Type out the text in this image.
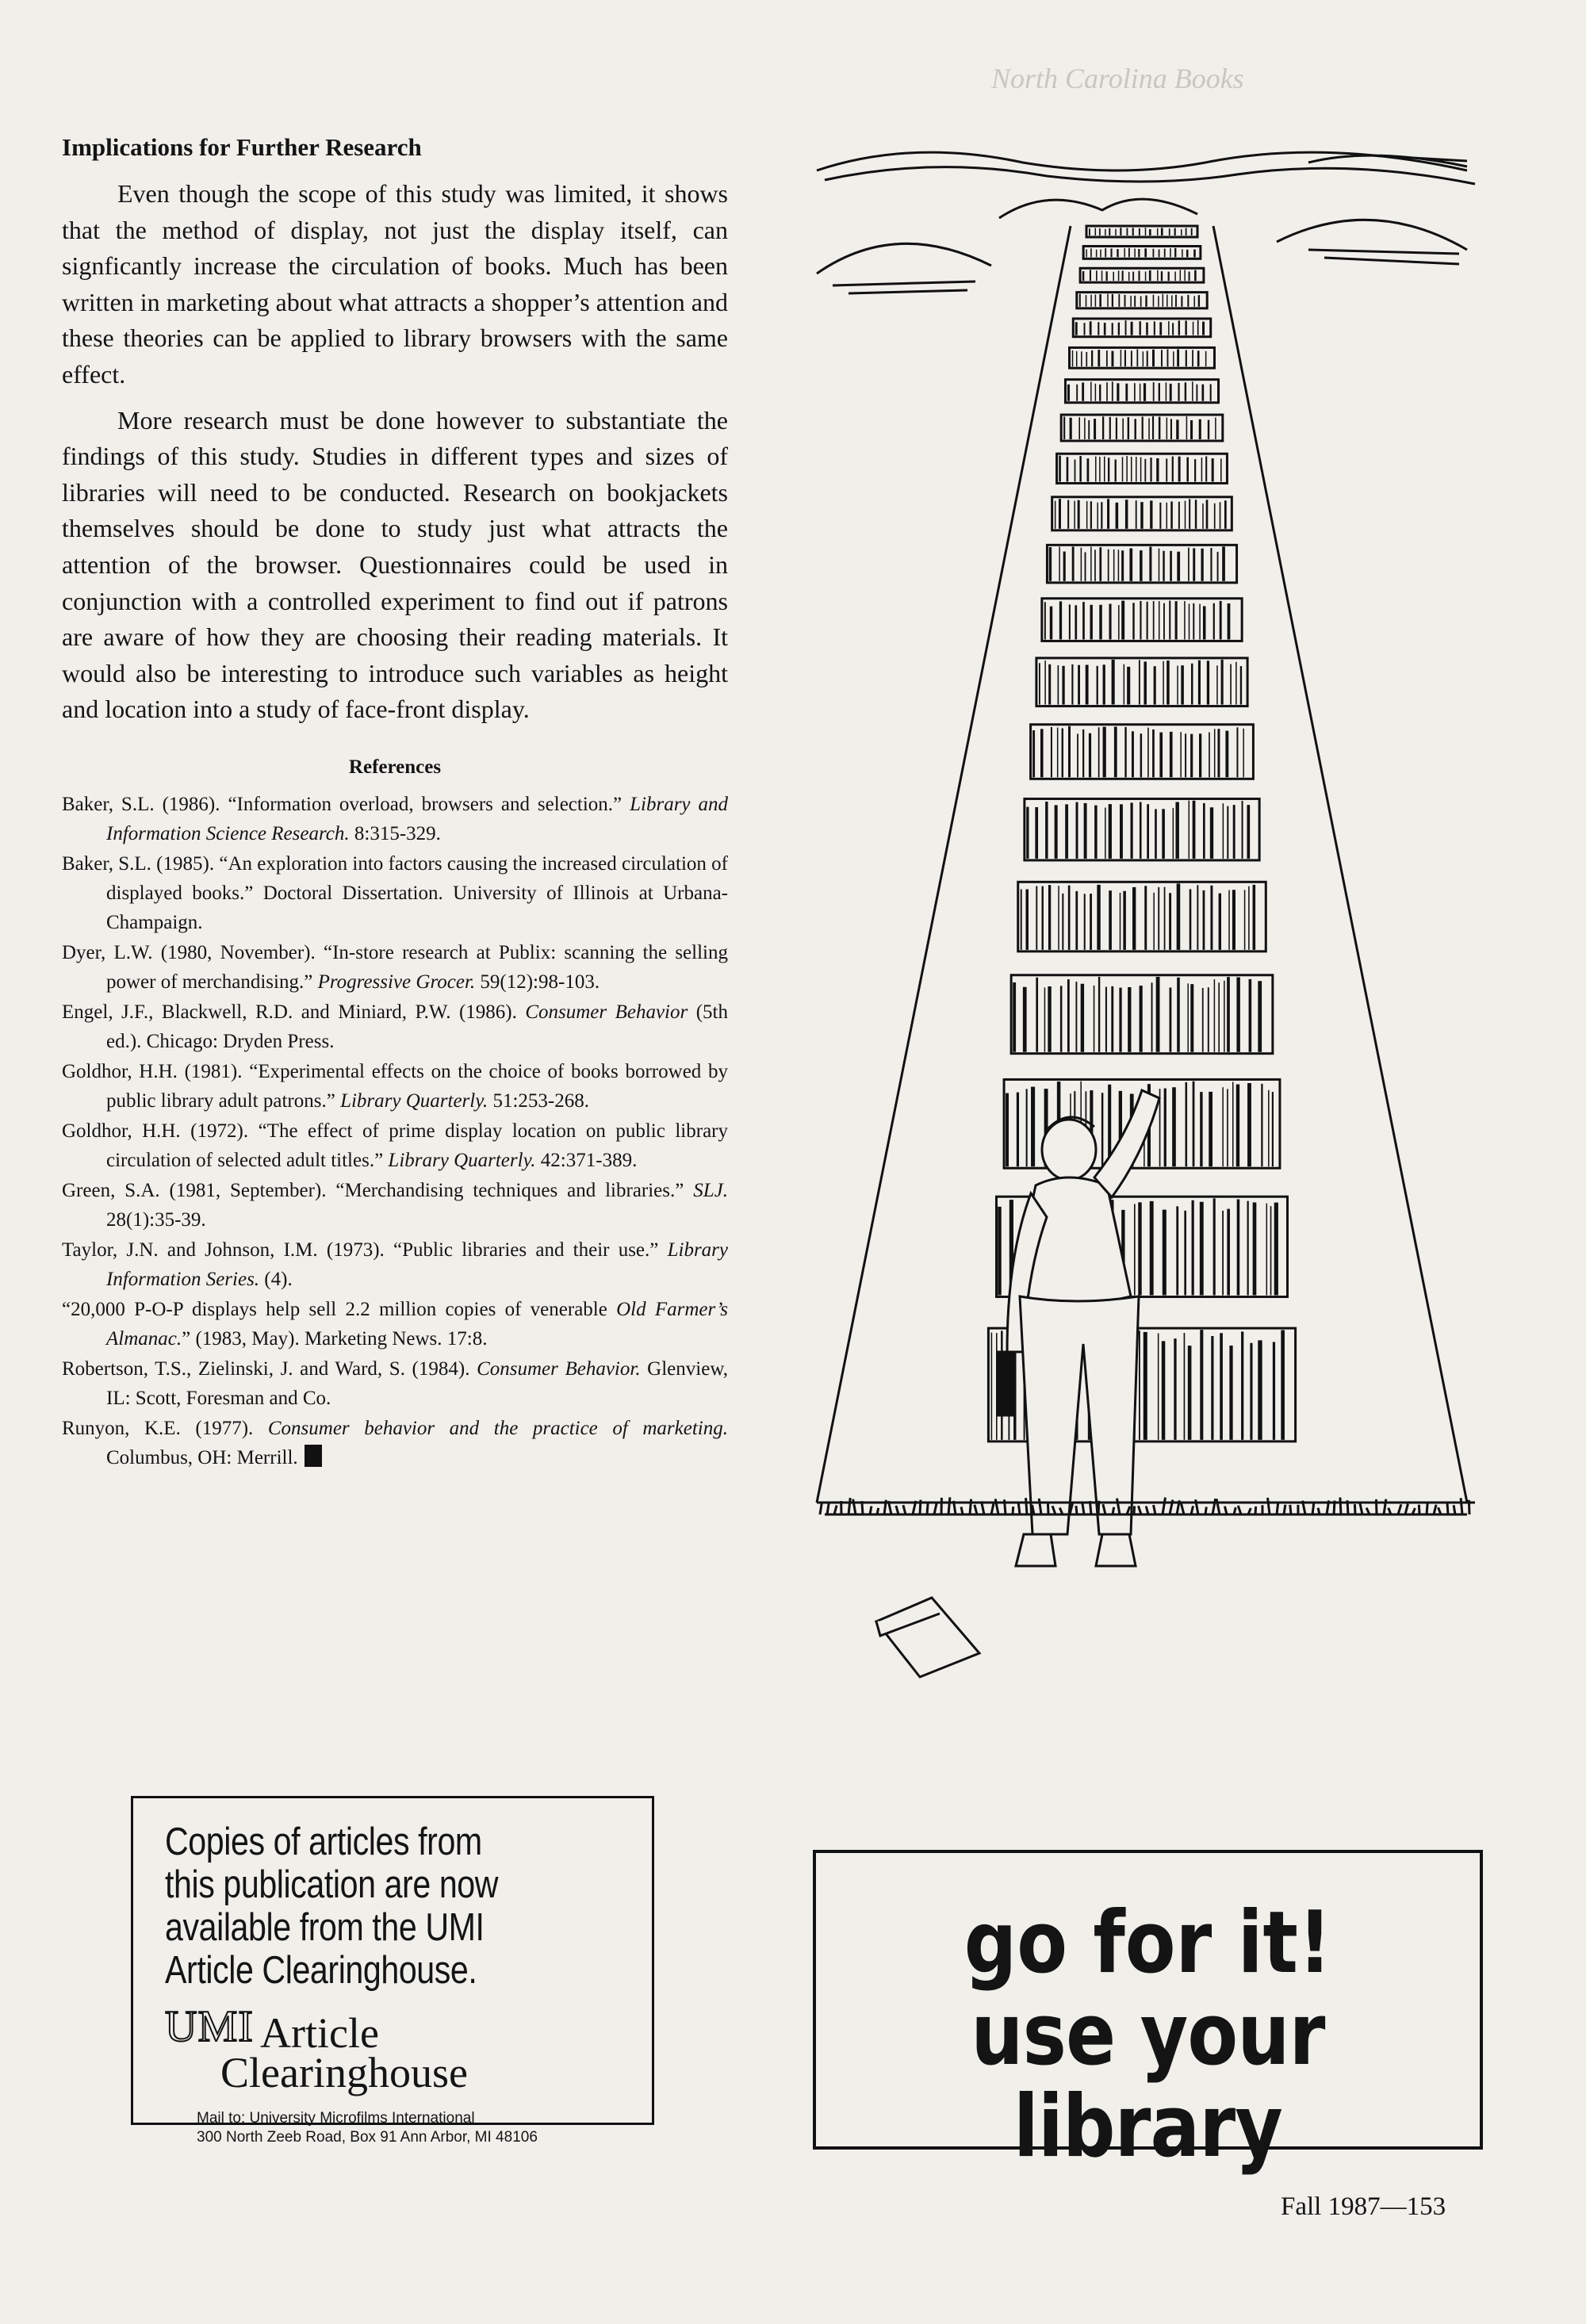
North Carolina Books
Implications for Further Research

Even though the scope of this study was limited, it shows that the method of display, not just the display itself, can signficantly increase the circulation of books. Much has been written in marketing about what attracts a shopper’s attention and these theories can be applied to library browsers with the same effect.

More research must be done however to substantiate the findings of this study. Studies in different types and sizes of libraries will need to be conducted. Research on bookjackets themselves should be done to study just what attracts the attention of the browser. Questionnaires could be used in conjunction with a controlled experiment to find out if patrons are aware of how they are choosing their reading materials. It would also be interesting to introduce such variables as height and location into a study of face-front display.

References
Baker, S.L. (1986). “Information overload, browsers and selection.” Library and Information Science Research. 8:315-329.
Baker, S.L. (1985). “An exploration into factors causing the increased circulation of displayed books.” Doctoral Dissertation. University of Illinois at Urbana-Champaign.
Dyer, L.W. (1980, November). “In-store research at Publix: scanning the selling power of merchandising.” Progressive Grocer. 59(12):98-103.
Engel, J.F., Blackwell, R.D. and Miniard, P.W. (1986). Consumer Behavior (5th ed.). Chicago: Dryden Press.
Goldhor, H.H. (1981). “Experimental effects on the choice of books borrowed by public library adult patrons.” Library Quarterly. 51:253-268.
Goldhor, H.H. (1972). “The effect of prime display location on public library circulation of selected adult titles.” Library Quarterly. 42:371-389.
Green, S.A. (1981, September). “Merchandising techniques and libraries.” SLJ. 28(1):35-39.
Taylor, J.N. and Johnson, I.M. (1973). “Public libraries and their use.” Library Information Series. (4).
“20,000 P-O-P displays help sell 2.2 million copies of venerable Old Farmer’s Almanac.” (1983, May). Marketing News. 17:8.
Robertson, T.S., Zielinski, J. and Ward, S. (1984). Consumer Behavior. Glenview, IL: Scott, Foresman and Co.
Runyon, K.E. (1977). Consumer behavior and the practice of marketing. Columbus, OH: Merrill.
Copies of articles from
this publication are now
available from the UMI
Article Clearinghouse.
UMI Article
Clearinghouse
Mail to: University Microfilms International
300 North Zeeb Road, Box 91 Ann Arbor, MI 48106
go for it!
use your library
Fall 1987—153
